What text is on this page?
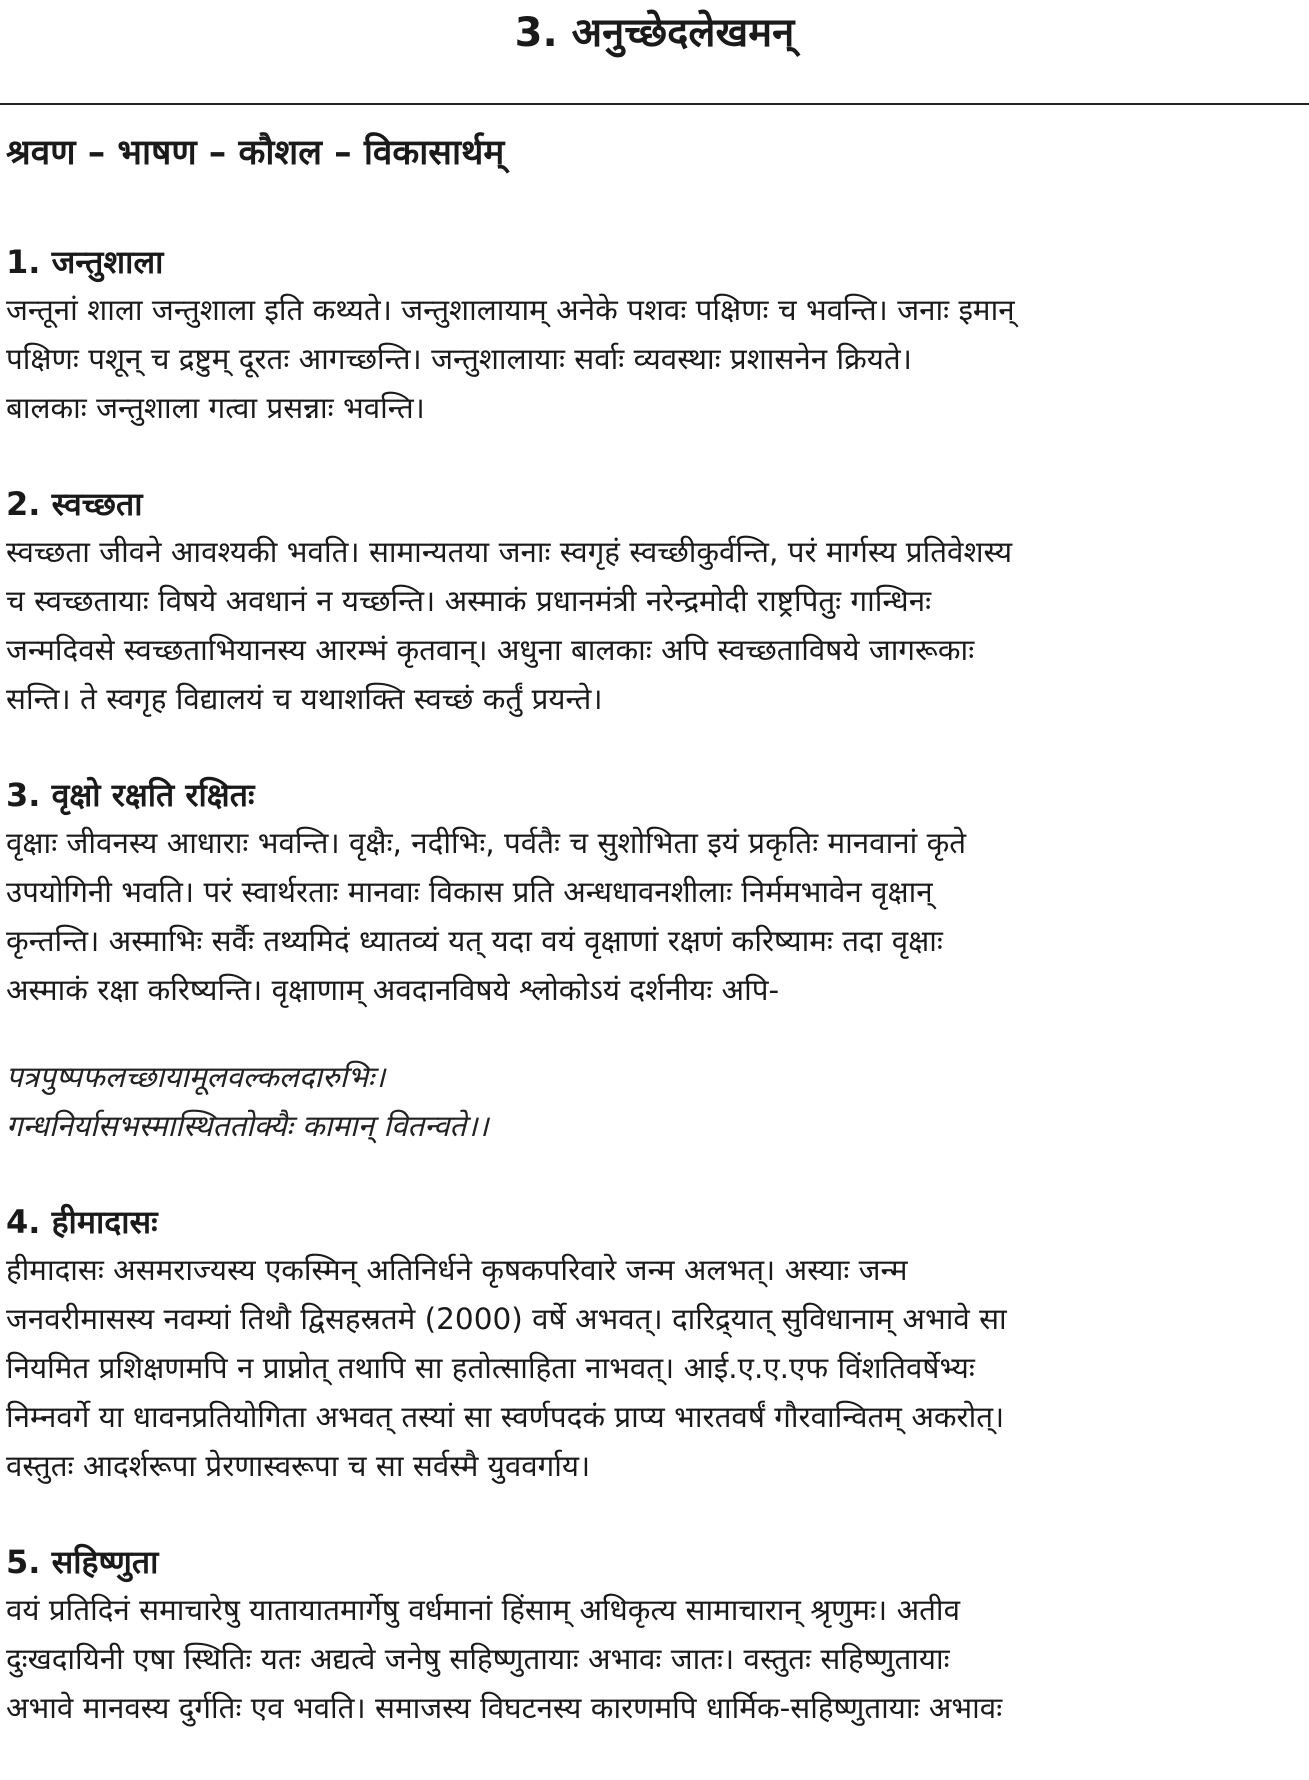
3. अनुच्छेदलेखमन्
श्रवण – भाषण – कौशल – विकासार्थम्
1. जन्तुशाला

जन्तूनां शाला जन्तुशाला इति कथ्यते। जन्तुशालायाम् अनेके पशवः पक्षिणः च भवन्ति। जनाः इमान्
पक्षिणः पशून् च द्रष्टुम् दूरतः आगच्छन्ति। जन्तुशालायाः सर्वाः व्यवस्थाः प्रशासनेन क्रियते।
बालकाः जन्तुशाला गत्वा प्रसन्नाः भवन्ति।

2. स्वच्छता

स्वच्छता जीवने आवश्यकी भवति। सामान्यतया जनाः स्वगृहं स्वच्छीकुर्वन्ति, परं मार्गस्य प्रतिवेशस्य
च स्वच्छतायाः विषये अवधानं न यच्छन्ति। अस्माकं प्रधानमंत्री नरेन्द्रमोदी राष्ट्रपितुः गान्धिनः
जन्मदिवसे स्वच्छताभियानस्य आरम्भं कृतवान्। अधुना बालकाः अपि स्वच्छताविषये जागरूकाः
सन्ति। ते स्वगृह विद्यालयं च यथाशक्ति स्वच्छं कर्तुं प्रयन्ते।

3. वृक्षो रक्षति रक्षितः

वृक्षाः जीवनस्य आधाराः भवन्ति। वृक्षैः, नदीभिः, पर्वतैः च सुशोभिता इयं प्रकृतिः मानवानां कृते
उपयोगिनी भवति। परं स्वार्थरताः मानवाः विकास प्रति अन्धधावनशीलाः निर्ममभावेन वृक्षान्
कृन्तन्ति। अस्माभिः सर्वैः तथ्यमिदं ध्यातव्यं यत् यदा वयं वृक्षाणां रक्षणं करिष्यामः तदा वृक्षाः
अस्माकं रक्षा करिष्यन्ति। वृक्षाणाम् अवदानविषये श्लोकोऽयं दर्शनीयः अपि-

पत्रपुष्पफलच्छायामूलवल्कलदारुभिः।
गन्धनिर्यासभस्मास्थिततोक्यैः कामान् वितन्वते।।

4. हीमादासः

हीमादासः असमराज्यस्य एकस्मिन् अतिनिर्धने कृषकपरिवारे जन्म अलभत्। अस्याः जन्म
जनवरीमासस्य नवम्यां तिथौ द्विसहस्रतमे (2000) वर्षे अभवत्। दारिद्र्यात् सुविधानाम् अभावे सा
नियमित प्रशिक्षणमपि न प्राप्नोत् तथापि सा हतोत्साहिता नाभवत्। आई.ए.ए.एफ विंशतिवर्षेभ्यः
निम्नवर्गे या धावनप्रतियोगिता अभवत् तस्यां सा स्वर्णपदकं प्राप्य भारतवर्षं गौरवान्वितम् अकरोत्।
वस्तुतः आदर्शरूपा प्रेरणास्वरूपा च सा सर्वस्मै युववर्गाय।

5. सहिष्णुता

वयं प्रतिदिनं समाचारेषु यातायातमार्गेषु वर्धमानां हिंसाम् अधिकृत्य सामाचारान् श्रृणुमः। अतीव
दुःखदायिनी एषा स्थितिः यतः अद्यत्वे जनेषु सहिष्णुतायाः अभावः जातः। वस्तुतः सहिष्णुतायाः
अभावे मानवस्य दुर्गतिः एव भवति। समाजस्य विघटनस्य कारणमपि धार्मिक-सहिष्णुतायाः अभावः
